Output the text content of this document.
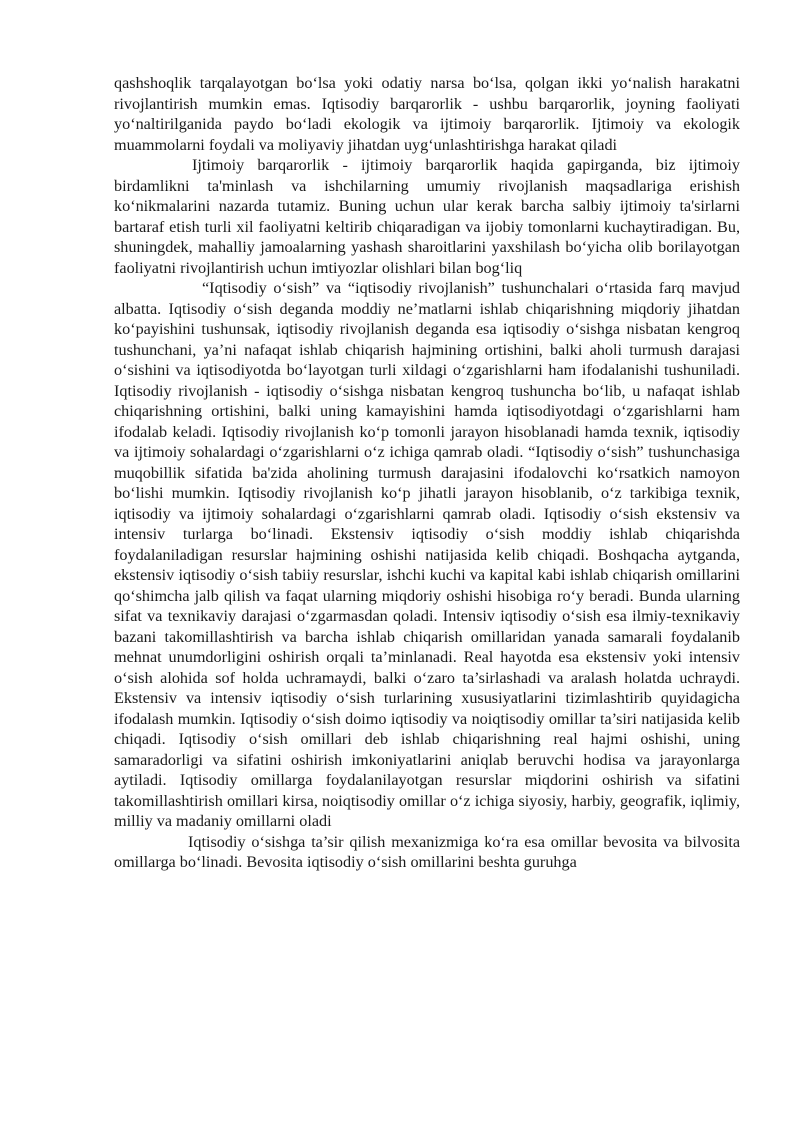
qashshoqlik tarqalayotgan bo‘lsa yoki odatiy narsa bo‘lsa, qolgan ikki yo‘nalish harakatni rivojlantirish mumkin emas. Iqtisodiy barqarorlik - ushbu barqarorlik, joyning faoliyati yo‘naltirilganida paydo bo‘ladi ekologik va ijtimoiy barqarorlik. Ijtimoiy va ekologik muammolarni foydali va moliyaviy jihatdan uyg‘unlashtirishga harakat qiladi

Ijtimoiy barqarorlik - ijtimoiy barqarorlik haqida gapirganda, biz ijtimoiy birdamlikni ta'minlash va ishchilarning umumiy rivojlanish maqsadlariga erishish ko‘nikmalarini nazarda tutamiz. Buning uchun ular kerak barcha salbiy ijtimoiy ta'sirlarni bartaraf etish turli xil faoliyatni keltirib chiqaradigan va ijobiy tomonlarni kuchaytiradigan. Bu, shuningdek, mahalliy jamoalarning yashash sharoitlarini yaxshilash bo‘yicha olib borilayotgan faoliyatni rivojlantirish uchun imtiyozlar olishlari bilan bog‘liq

“Iqtisodiy o‘sish” va “iqtisodiy rivojlanish” tushunchalari o‘rtasida farq mavjud albatta. Iqtisodiy o‘sish deganda moddiy ne’matlarni ishlab chiqarishning miqdoriy jihatdan ko‘payishini tushunsak, iqtisodiy rivojlanish deganda esa iqtisodiy o‘sishga nisbatan kengroq tushunchani, ya’ni nafaqat ishlab chiqarish hajmining ortishini, balki aholi turmush darajasi o‘sishini va iqtisodiyotda bo‘layotgan turli xildagi o‘zgarishlarni ham ifodalanishi tushuniladi. Iqtisodiy rivojlanish - iqtisodiy o‘sishga nisbatan kengroq tushuncha bo‘lib, u nafaqat ishlab chiqarishning ortishini, balki uning kamayishini hamda iqtisodiyotdagi o‘zgarishlarni ham ifodalab keladi. Iqtisodiy rivojlanish ko‘p tomonli jarayon hisoblanadi hamda texnik, iqtisodiy va ijtimoiy sohalardagi o‘zgarishlarni o‘z ichiga qamrab oladi. “Iqtisodiy o‘sish” tushunchasiga muqobillik sifatida ba'zida aholining turmush darajasini ifodalovchi ko‘rsatkich namoyon bo‘lishi mumkin. Iqtisodiy rivojlanish ko‘p jihatli jarayon hisoblanib, o‘z tarkibiga texnik, iqtisodiy va ijtimoiy sohalardagi o‘zgarishlarni qamrab oladi. Iqtisodiy o‘sish ekstensiv va intensiv turlarga bo‘linadi. Ekstensiv iqtisodiy o‘sish moddiy ishlab chiqarishda foydalaniladigan resurslar hajmining oshishi natijasida kelib chiqadi. Boshqacha aytganda, ekstensiv iqtisodiy o‘sish tabiiy resurslar, ishchi kuchi va kapital kabi ishlab chiqarish omillarini qo‘shimcha jalb qilish va faqat ularning miqdoriy oshishi hisobiga ro‘y beradi. Bunda ularning sifat va texnikaviy darajasi o‘zgarmasdan qoladi. Intensiv iqtisodiy o‘sish esa ilmiy-texnikaviy bazani takomillashtirish va barcha ishlab chiqarish omillaridan yanada samarali foydalanib mehnat unumdorligini oshirish orqali ta’minlanadi. Real hayotda esa ekstensiv yoki intensiv o‘sish alohida sof holda uchramaydi, balki o‘zaro ta’sirlashadi va aralash holatda uchraydi. Ekstensiv va intensiv iqtisodiy o‘sish turlarining xususiyatlarini tizimlashtirib quyidagicha ifodalash mumkin. Iqtisodiy o‘sish doimo iqtisodiy va noiqtisodiy omillar ta’siri natijasida kelib chiqadi. Iqtisodiy o‘sish omillari deb ishlab chiqarishning real hajmi oshishi, uning samaradorligi va sifatini oshirish imkoniyatlarini aniqlab beruvchi hodisa va jarayonlarga aytiladi. Iqtisodiy omillarga foydalanilayotgan resurslar miqdorini oshirish va sifatini takomillashtirish omillari kirsa, noiqtisodiy omillar o‘z ichiga siyosiy, harbiy, geografik, iqlimiy, milliy va madaniy omillarni oladi

Iqtisodiy o‘sishga ta’sir qilish mexanizmiga ko‘ra esa omillar bevosita va bilvosita omillarga bo‘linadi. Bevosita iqtisodiy o‘sish omillarini beshta guruhga
